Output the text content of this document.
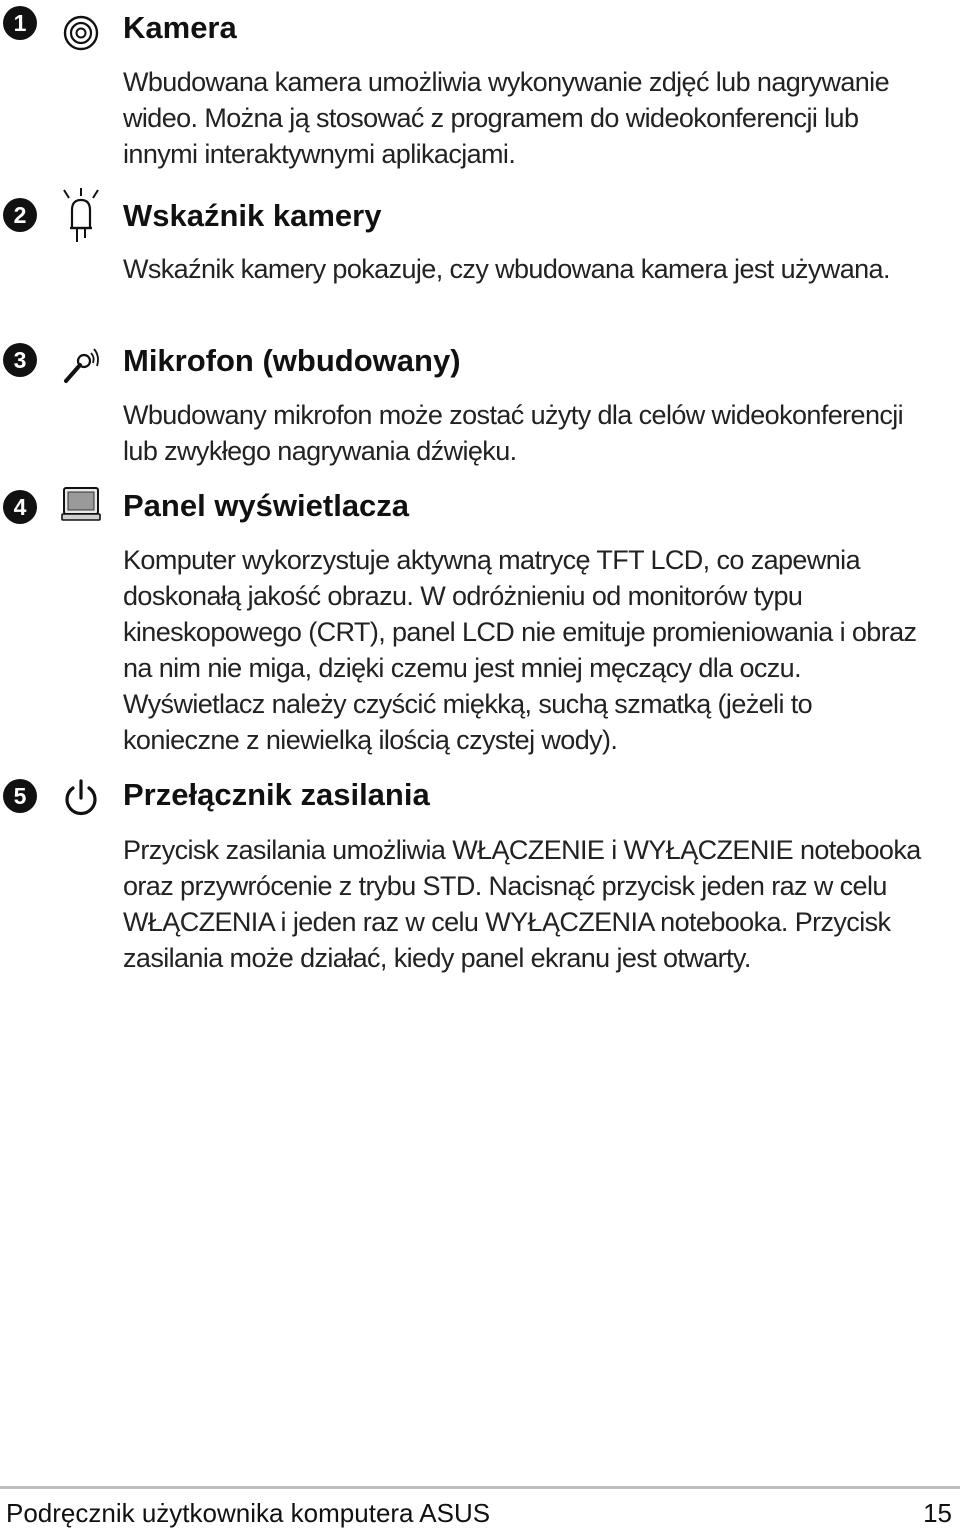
1	Kamera

Wbudowana kamera umożliwia wykonywanie zdjęć lub nagrywanie wideo. Można ją stosować z programem do wideokonferencji lub innymi interaktywnymi aplikacjami.

2	Wskaźnik kamery

Wskaźnik kamery pokazuje, czy wbudowana kamera jest używana.

3	Mikrofon (wbudowany)

Wbudowany mikrofon może zostać użyty dla celów wideokonferencji lub zwykłego nagrywania dźwięku.

4	Panel wyświetlacza

Komputer wykorzystuje aktywną matrycę TFT LCD, co zapewnia doskonałą jakość obrazu. W odróżnieniu od monitorów typu kineskopowego (CRT), panel LCD nie emituje promieniowania i obraz na nim nie miga, dzięki czemu jest mniej męczący dla oczu. Wyświetlacz należy czyścić miękką, suchą szmatką (jeżeli to konieczne z niewielką ilością czystej wody).

5	Przełącznik zasilania

Przycisk zasilania umożliwia WŁĄCZENIE i WYŁĄCZENIE notebooka oraz przywrócenie z trybu STD. Nacisnąć przycisk jeden raz w celu WŁĄCZENIA i jeden raz w celu WYŁĄCZENIA notebooka. Przycisk zasilania może działać, kiedy panel ekranu jest otwarty.

Podręcznik użytkownika komputera ASUS	15
